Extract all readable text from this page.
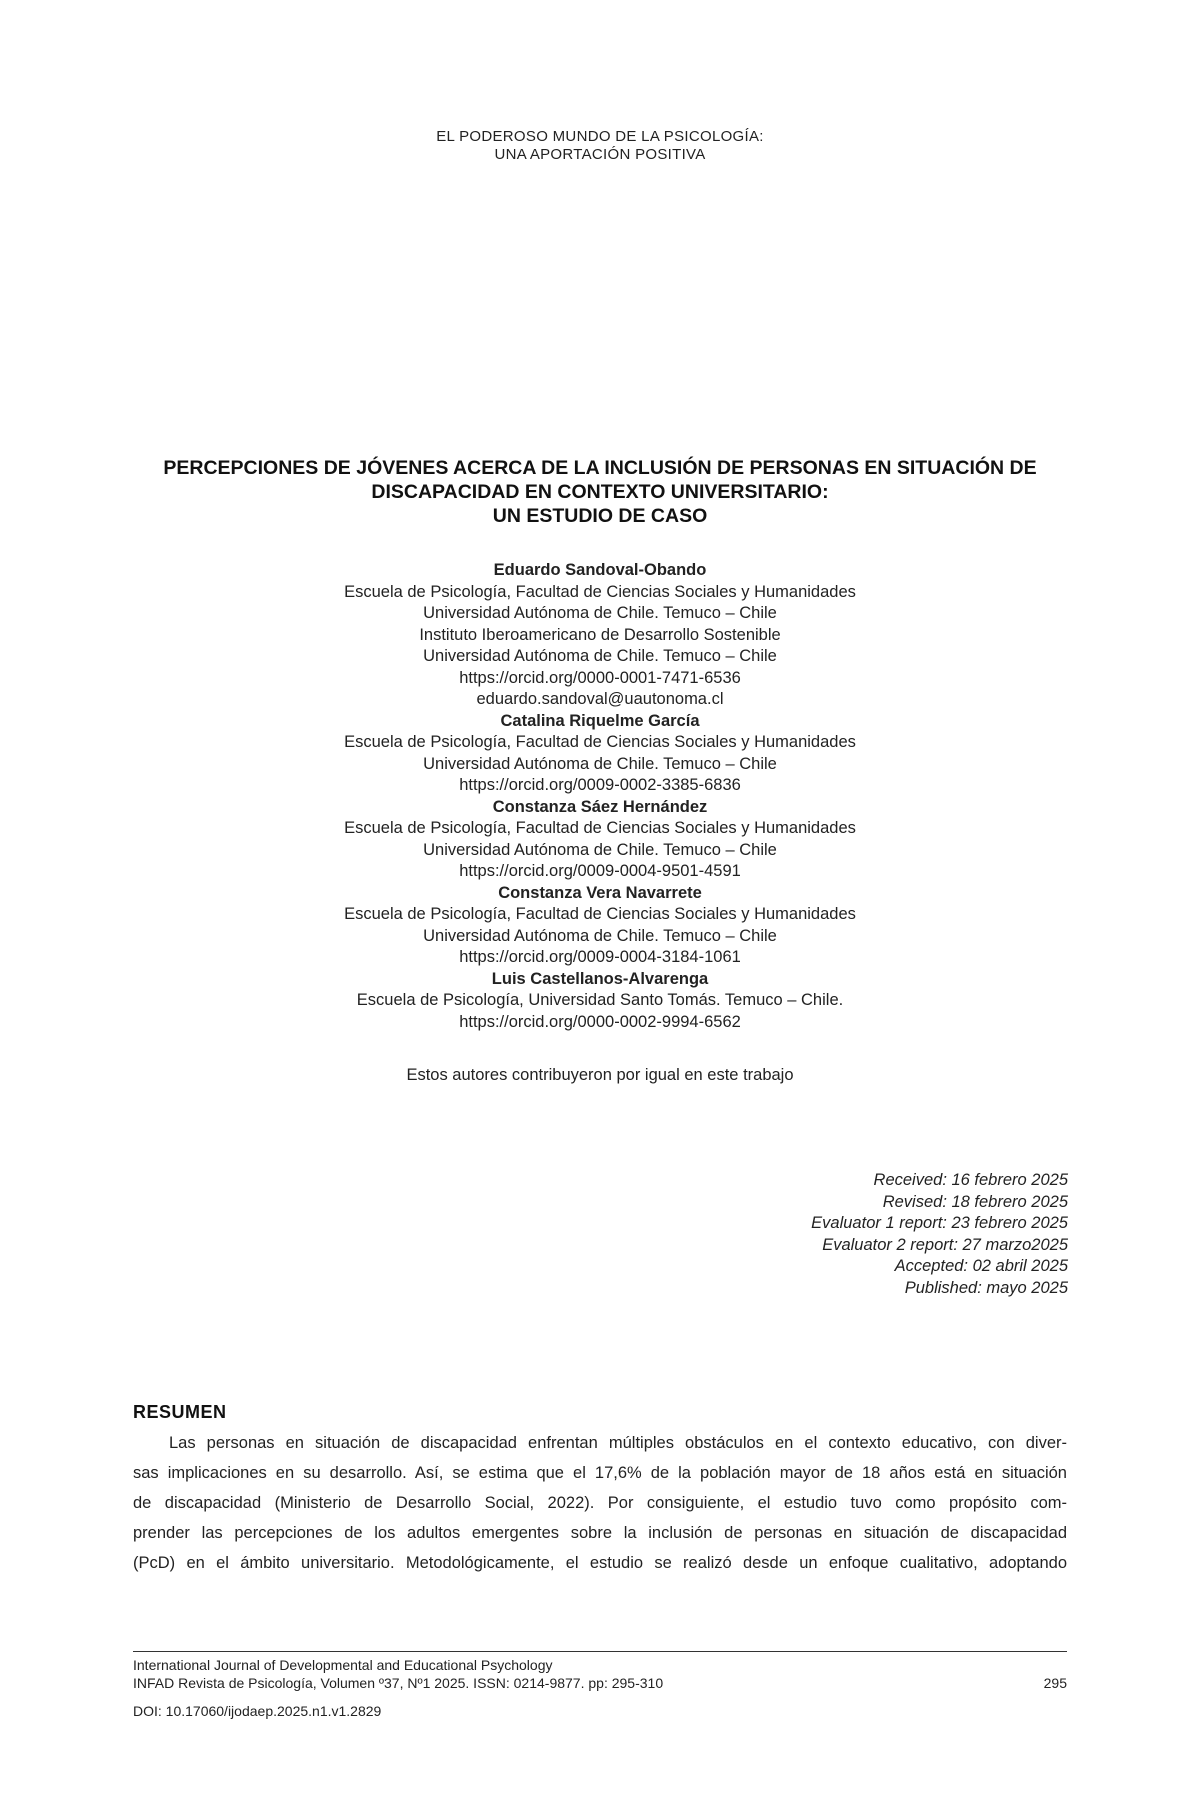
EL PODEROSO MUNDO DE LA PSICOLOGÍA:
UNA APORTACIÓN POSITIVA
PERCEPCIONES DE JÓVENES ACERCA DE LA INCLUSIÓN DE PERSONAS EN SITUACIÓN DE
DISCAPACIDAD EN CONTEXTO UNIVERSITARIO:
UN ESTUDIO DE CASO
Eduardo Sandoval-Obando
Escuela de Psicología, Facultad de Ciencias Sociales y Humanidades
Universidad Autónoma de Chile. Temuco – Chile
Instituto Iberoamericano de Desarrollo Sostenible
Universidad Autónoma de Chile. Temuco – Chile
https://orcid.org/0000-0001-7471-6536
eduardo.sandoval@uautonoma.cl
Catalina Riquelme García
Escuela de Psicología, Facultad de Ciencias Sociales y Humanidades
Universidad Autónoma de Chile. Temuco – Chile
https://orcid.org/0009-0002-3385-6836
Constanza Sáez Hernández
Escuela de Psicología, Facultad de Ciencias Sociales y Humanidades
Universidad Autónoma de Chile. Temuco – Chile
https://orcid.org/0009-0004-9501-4591
Constanza Vera Navarrete
Escuela de Psicología, Facultad de Ciencias Sociales y Humanidades
Universidad Autónoma de Chile. Temuco – Chile
https://orcid.org/0009-0004-3184-1061
Luis Castellanos-Alvarenga
Escuela de Psicología, Universidad Santo Tomás. Temuco – Chile.
https://orcid.org/0000-0002-9994-6562
Estos autores contribuyeron por igual en este trabajo
Received: 16 febrero 2025
Revised: 18 febrero 2025
Evaluator 1 report: 23 febrero 2025
Evaluator 2 report: 27 marzo2025
Accepted: 02 abril 2025
Published: mayo 2025
RESUMEN
Las personas en situación de discapacidad enfrentan múltiples obstáculos en el contexto educativo, con diver-
sas implicaciones en su desarrollo. Así, se estima que el 17,6% de la población mayor de 18 años está en situación
de discapacidad (Ministerio de Desarrollo Social, 2022). Por consiguiente, el estudio tuvo como propósito com-
prender las percepciones de los adultos emergentes sobre la inclusión de personas en situación de discapacidad
(PcD) en el ámbito universitario. Metodológicamente, el estudio se realizó desde un enfoque cualitativo, adoptando
International Journal of Developmental and Educational Psychology
INFAD Revista de Psicología, Volumen º37, Nº1 2025. ISSN: 0214-9877. pp: 295-310	295
DOI: 10.17060/ijodaep.2025.n1.v1.2829
